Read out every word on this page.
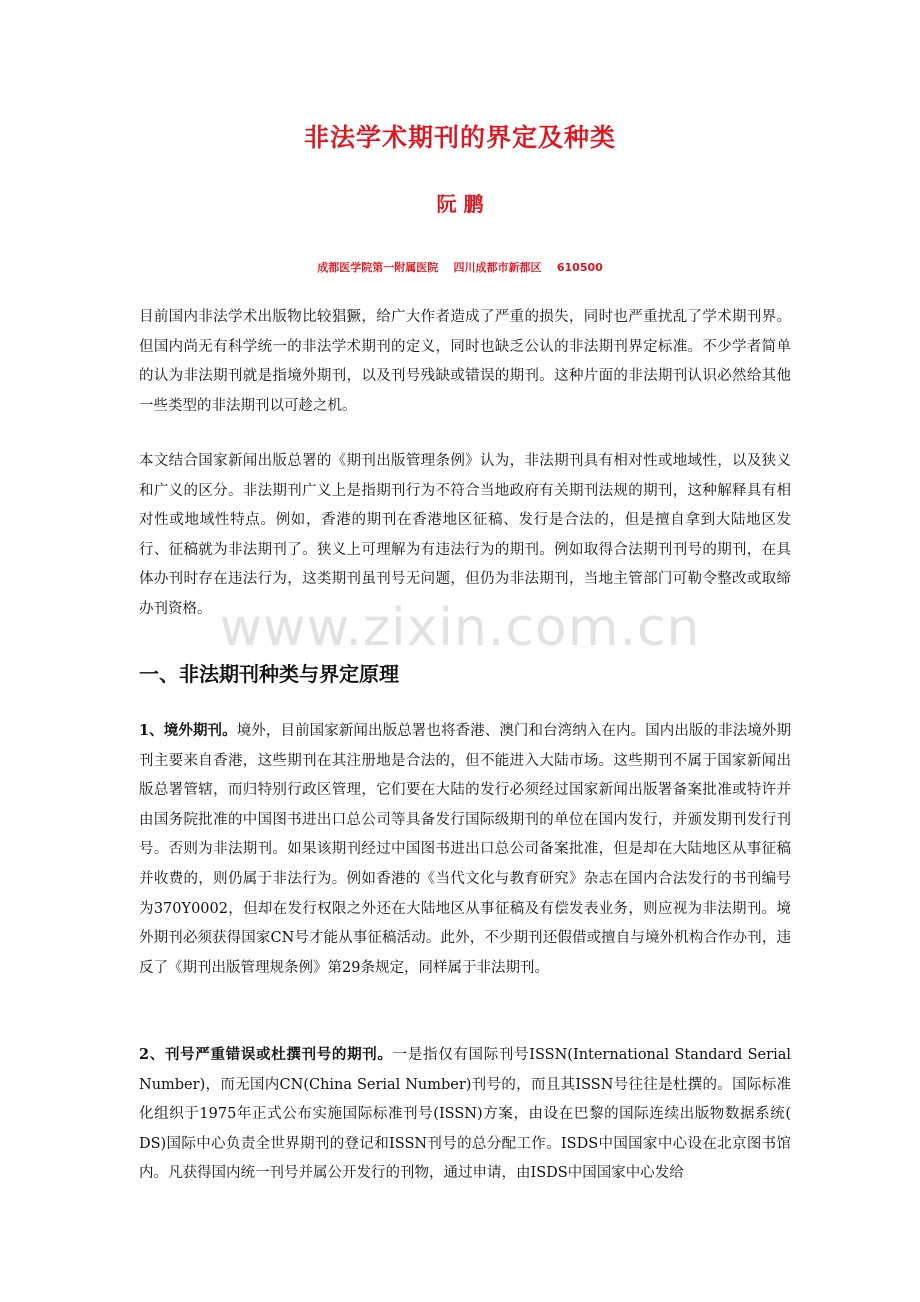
www.zixin.com.cn
非法学术期刊的界定及种类
阮 鹏
成都医学院第一附属医院    四川成都市新都区    610500

目前国内非法学术出版物比较猖獗，给广大作者造成了严重的损失，同时也严重扰乱了学术期刊界。但国内尚无有科学统一的非法学术期刊的定义，同时也缺乏公认的非法期刊界定标准。不少学者简单的认为非法期刊就是指境外期刊，以及刊号残缺或错误的期刊。这种片面的非法期刊认识必然给其他一些类型的非法期刊以可趁之机。

本文结合国家新闻出版总署的《期刊出版管理条例》认为，非法期刊具有相对性或地域性，以及狭义和广义的区分。非法期刊广义上是指期刊行为不符合当地政府有关期刊法规的期刊，这种解释具有相对性或地域性特点。例如，香港的期刊在香港地区征稿、发行是合法的，但是擅自拿到大陆地区发行、征稿就为非法期刊了。狭义上可理解为有违法行为的期刊。例如取得合法期刊刊号的期刊，在具体办刊时存在违法行为，这类期刊虽刊号无问题，但仍为非法期刊，当地主管部门可勒令整改或取缔办刊资格。

一、非法期刊种类与界定原理

1、境外期刊。境外，目前国家新闻出版总署也将香港、澳门和台湾纳入在内。国内出版的非法境外期刊主要来自香港，这些期刊在其注册地是合法的，但不能进入大陆市场。这些期刊不属于国家新闻出版总署管辖，而归特别行政区管理，它们要在大陆的发行必须经过国家新闻出版署备案批准或特许并由国务院批准的中国图书进出口总公司等具备发行国际级期刊的单位在国内发行，并颁发期刊发行刊号。否则为非法期刊。如果该期刊经过中国图书进出口总公司备案批准，但是却在大陆地区从事征稿并收费的，则仍属于非法行为。例如香港的《当代文化与教育研究》杂志在国内合法发行的书刊编号为370Y0002，但却在发行权限之外还在大陆地区从事征稿及有偿发表业务，则应视为非法期刊。境外期刊必须获得国家CN号才能从事征稿活动。此外，不少期刊还假借或擅自与境外机构合作办刊，违反了《期刊出版管理规条例》第29条规定，同样属于非法期刊。

2、刊号严重错误或杜撰刊号的期刊。一是指仅有国际刊号ISSN(International Standard Serial Number)，而无国内CN(China Serial Number)刊号的，而且其ISSN号往往是杜撰的。国际标准化组织于1975年正式公布实施国际标准刊号(ISSN)方案，由设在巴黎的国际连续出版物数据系统( DS)国际中心负责全世界期刊的登记和ISSN刊号的总分配工作。ISDS中国国家中心设在北京图书馆内。凡获得国内统一刊号并属公开发行的刊物，通过申请，由ISDS中国国家中心发给
